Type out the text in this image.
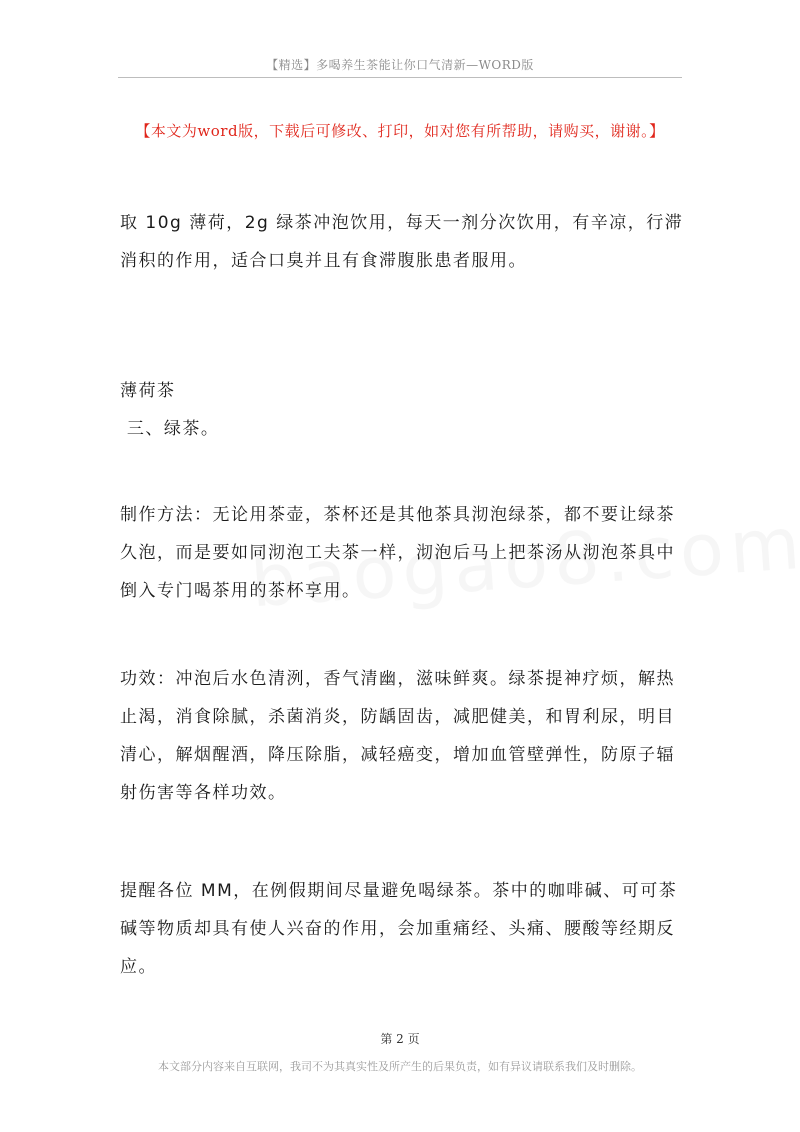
【精选】多喝养生茶能让你口气清新—WORD版
【本文为word版，下载后可修改、打印，如对您有所帮助，请购买，谢谢。】

取 10g 薄荷，2g 绿茶冲泡饮用，每天一剂分次饮用，有辛凉，行滞消积的作用，适合口臭并且有食滞腹胀患者服用。

薄荷茶

三、绿茶。

制作方法：无论用茶壶，茶杯还是其他茶具沏泡绿茶，都不要让绿茶久泡，而是要如同沏泡工夫茶一样，沏泡后马上把茶汤从沏泡茶具中倒入专门喝茶用的茶杯享用。

功效：冲泡后水色清洌，香气清幽，滋味鲜爽。绿茶提神疗烦，解热止渴，消食除腻，杀菌消炎，防龋固齿，减肥健美，和胃利尿，明目清心，解烟醒酒，降压除脂，减轻癌变，增加血管壁弹性，防原子辐射伤害等各样功效。

提醒各位 MM，在例假期间尽量避免喝绿茶。茶中的咖啡碱、可可茶碱等物质却具有使人兴奋的作用，会加重痛经、头痛、腰酸等经期反应。

第 2 页
本文部分内容来自互联网，我司不为其真实性及所产生的后果负责，如有异议请联系我们及时删除。
